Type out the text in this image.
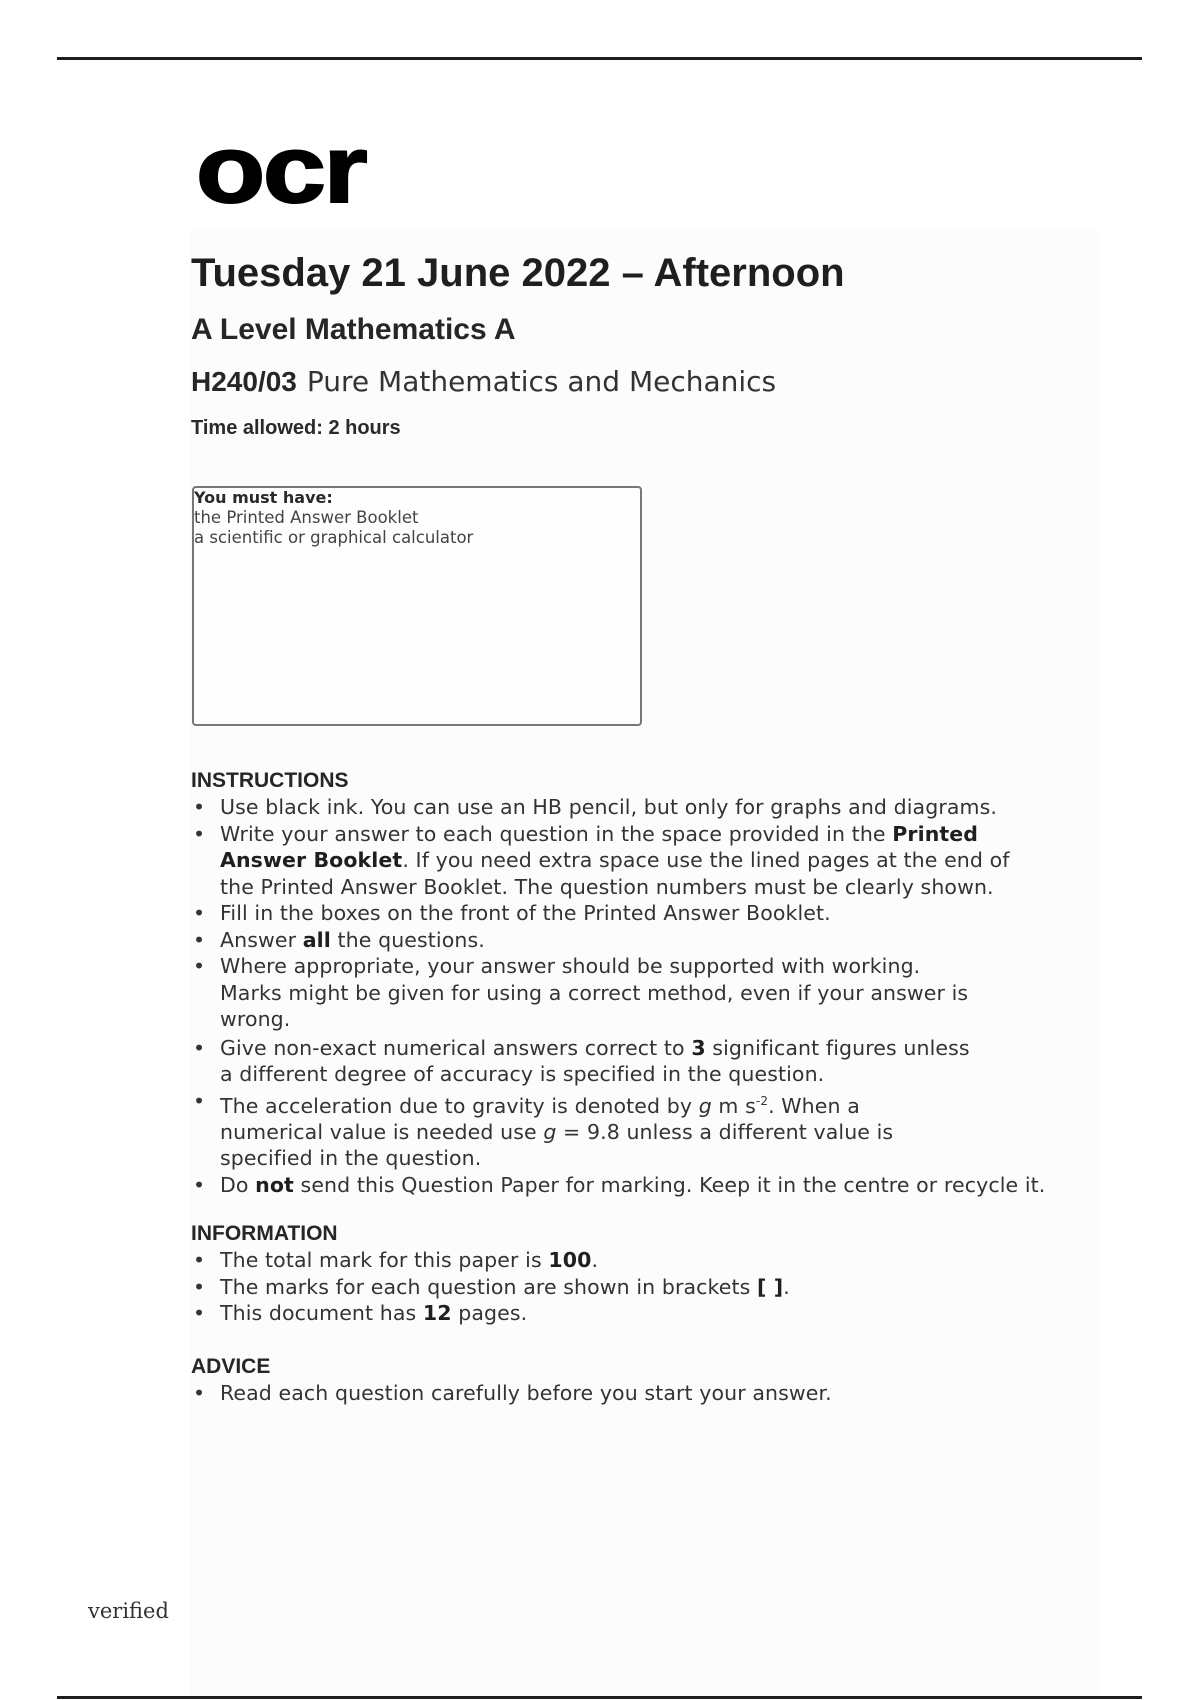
ocr
Tuesday 21 June 2022 – Afternoon
A Level Mathematics A
H240/03 Pure Mathematics and Mechanics
Time allowed: 2 hours
You must have:
the Printed Answer Booklet
a scientific or graphical calculator
INSTRUCTIONS
• Use black ink. You can use an HB pencil, but only for graphs and diagrams.
• Write your answer to each question in the space provided in the Printed
Answer Booklet. If you need extra space use the lined pages at the end of
the Printed Answer Booklet. The question numbers must be clearly shown.
• Fill in the boxes on the front of the Printed Answer Booklet.
• Answer all the questions.
• Where appropriate, your answer should be supported with working.
Marks might be given for using a correct method, even if your answer is
wrong.
• Give non-exact numerical answers correct to 3 significant figures unless
a different degree of accuracy is specified in the question.
• The acceleration due to gravity is denoted by g m $s^{-2}$. When a
numerical value is needed use g = 9.8 unless a different value is
specified in the question.
• Do not send this Question Paper for marking. Keep it in the centre or recycle it.
INFORMATION
• The total mark for this paper is 100.
• The marks for each question are shown in brackets [ ].
• This document has 12 pages.
ADVICE
• Read each question carefully before you start your answer.
verified
